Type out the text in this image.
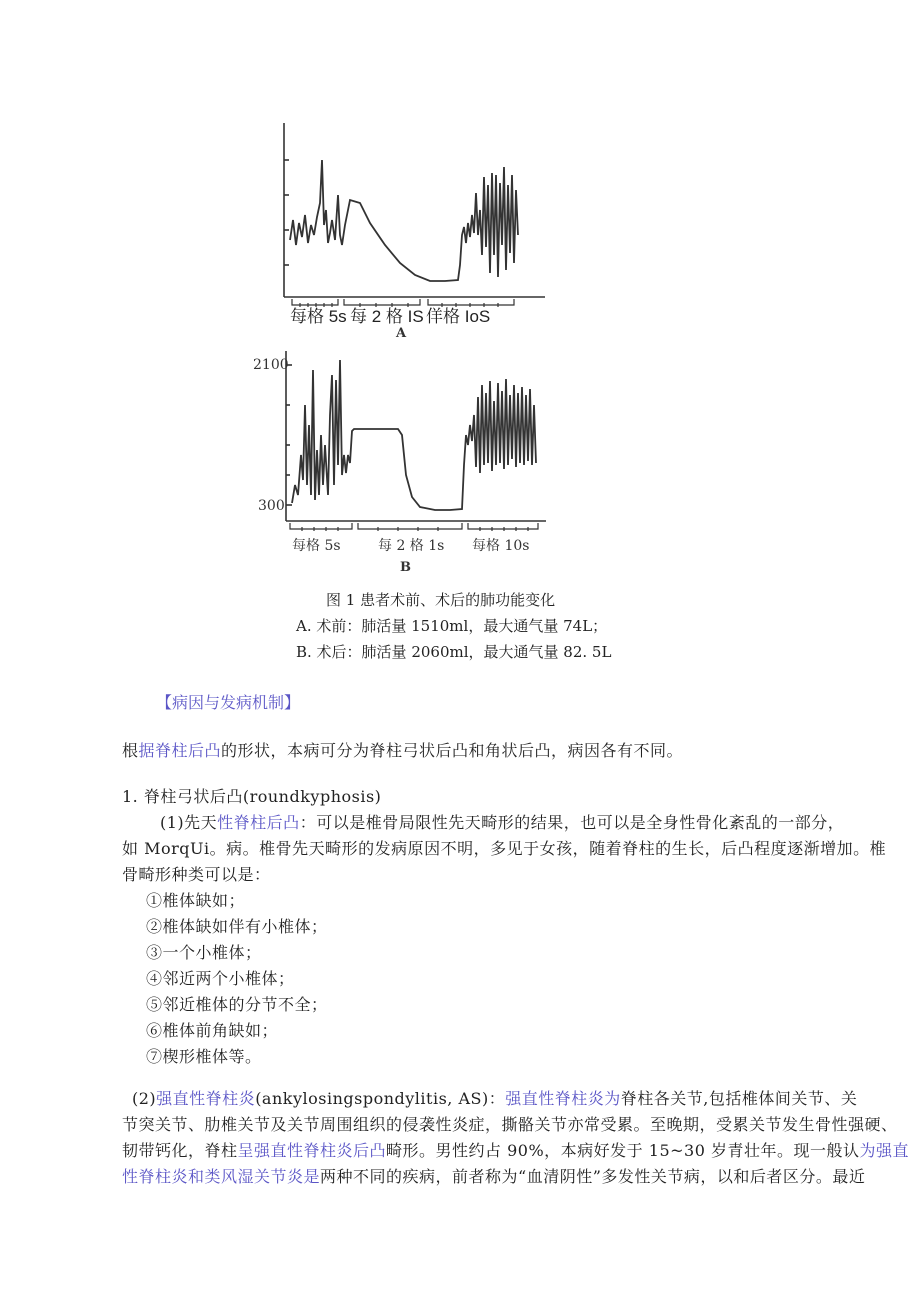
每格 5s 每 2 格 IS 佯格 IoS
A
2100
300
每格 5s	每 2 格 1s 每格 10s
B
图 1 患者术前、术后的肺功能变化
A. 术前：肺活量 1510ml，最大通气量 74L；
B. 术后：肺活量 2060ml，最大通气量 82. 5L
【病因与发病机制】
根据脊柱后凸的形状，本病可分为脊柱弓状后凸和角状后凸，病因各有不同。
1. 脊柱弓状后凸(roundkyphosis)
(1)先天性脊柱后凸：可以是椎骨局限性先天畸形的结果，也可以是全身性骨化紊乱的一部分，
如 MorqUi。病。椎骨先天畸形的发病原因不明，多见于女孩，随着脊柱的生长，后凸程度逐渐增加。椎
骨畸形种类可以是：
①椎体缺如；
②椎体缺如伴有小椎体；
③一个小椎体；
④邻近两个小椎体；
⑤邻近椎体的分节不全；
⑥椎体前角缺如；
⑦楔形椎体等。
(2)强直性脊柱炎(ankylosingspondylitis, AS)：强直性脊柱炎为脊柱各关节,包括椎体间关节、关
节突关节、肋椎关节及关节周围组织的侵袭性炎症，撕骼关节亦常受累。至晚期，受累关节发生骨性强硬、
韧带钙化，脊柱呈强直性脊柱炎后凸畸形。男性约占 90%，本病好发于 15~30 岁青壮年。现一般认为强直
性脊柱炎和类风湿关节炎是两种不同的疾病，前者称为“血清阴性”多发性关节病，以和后者区分。最近
